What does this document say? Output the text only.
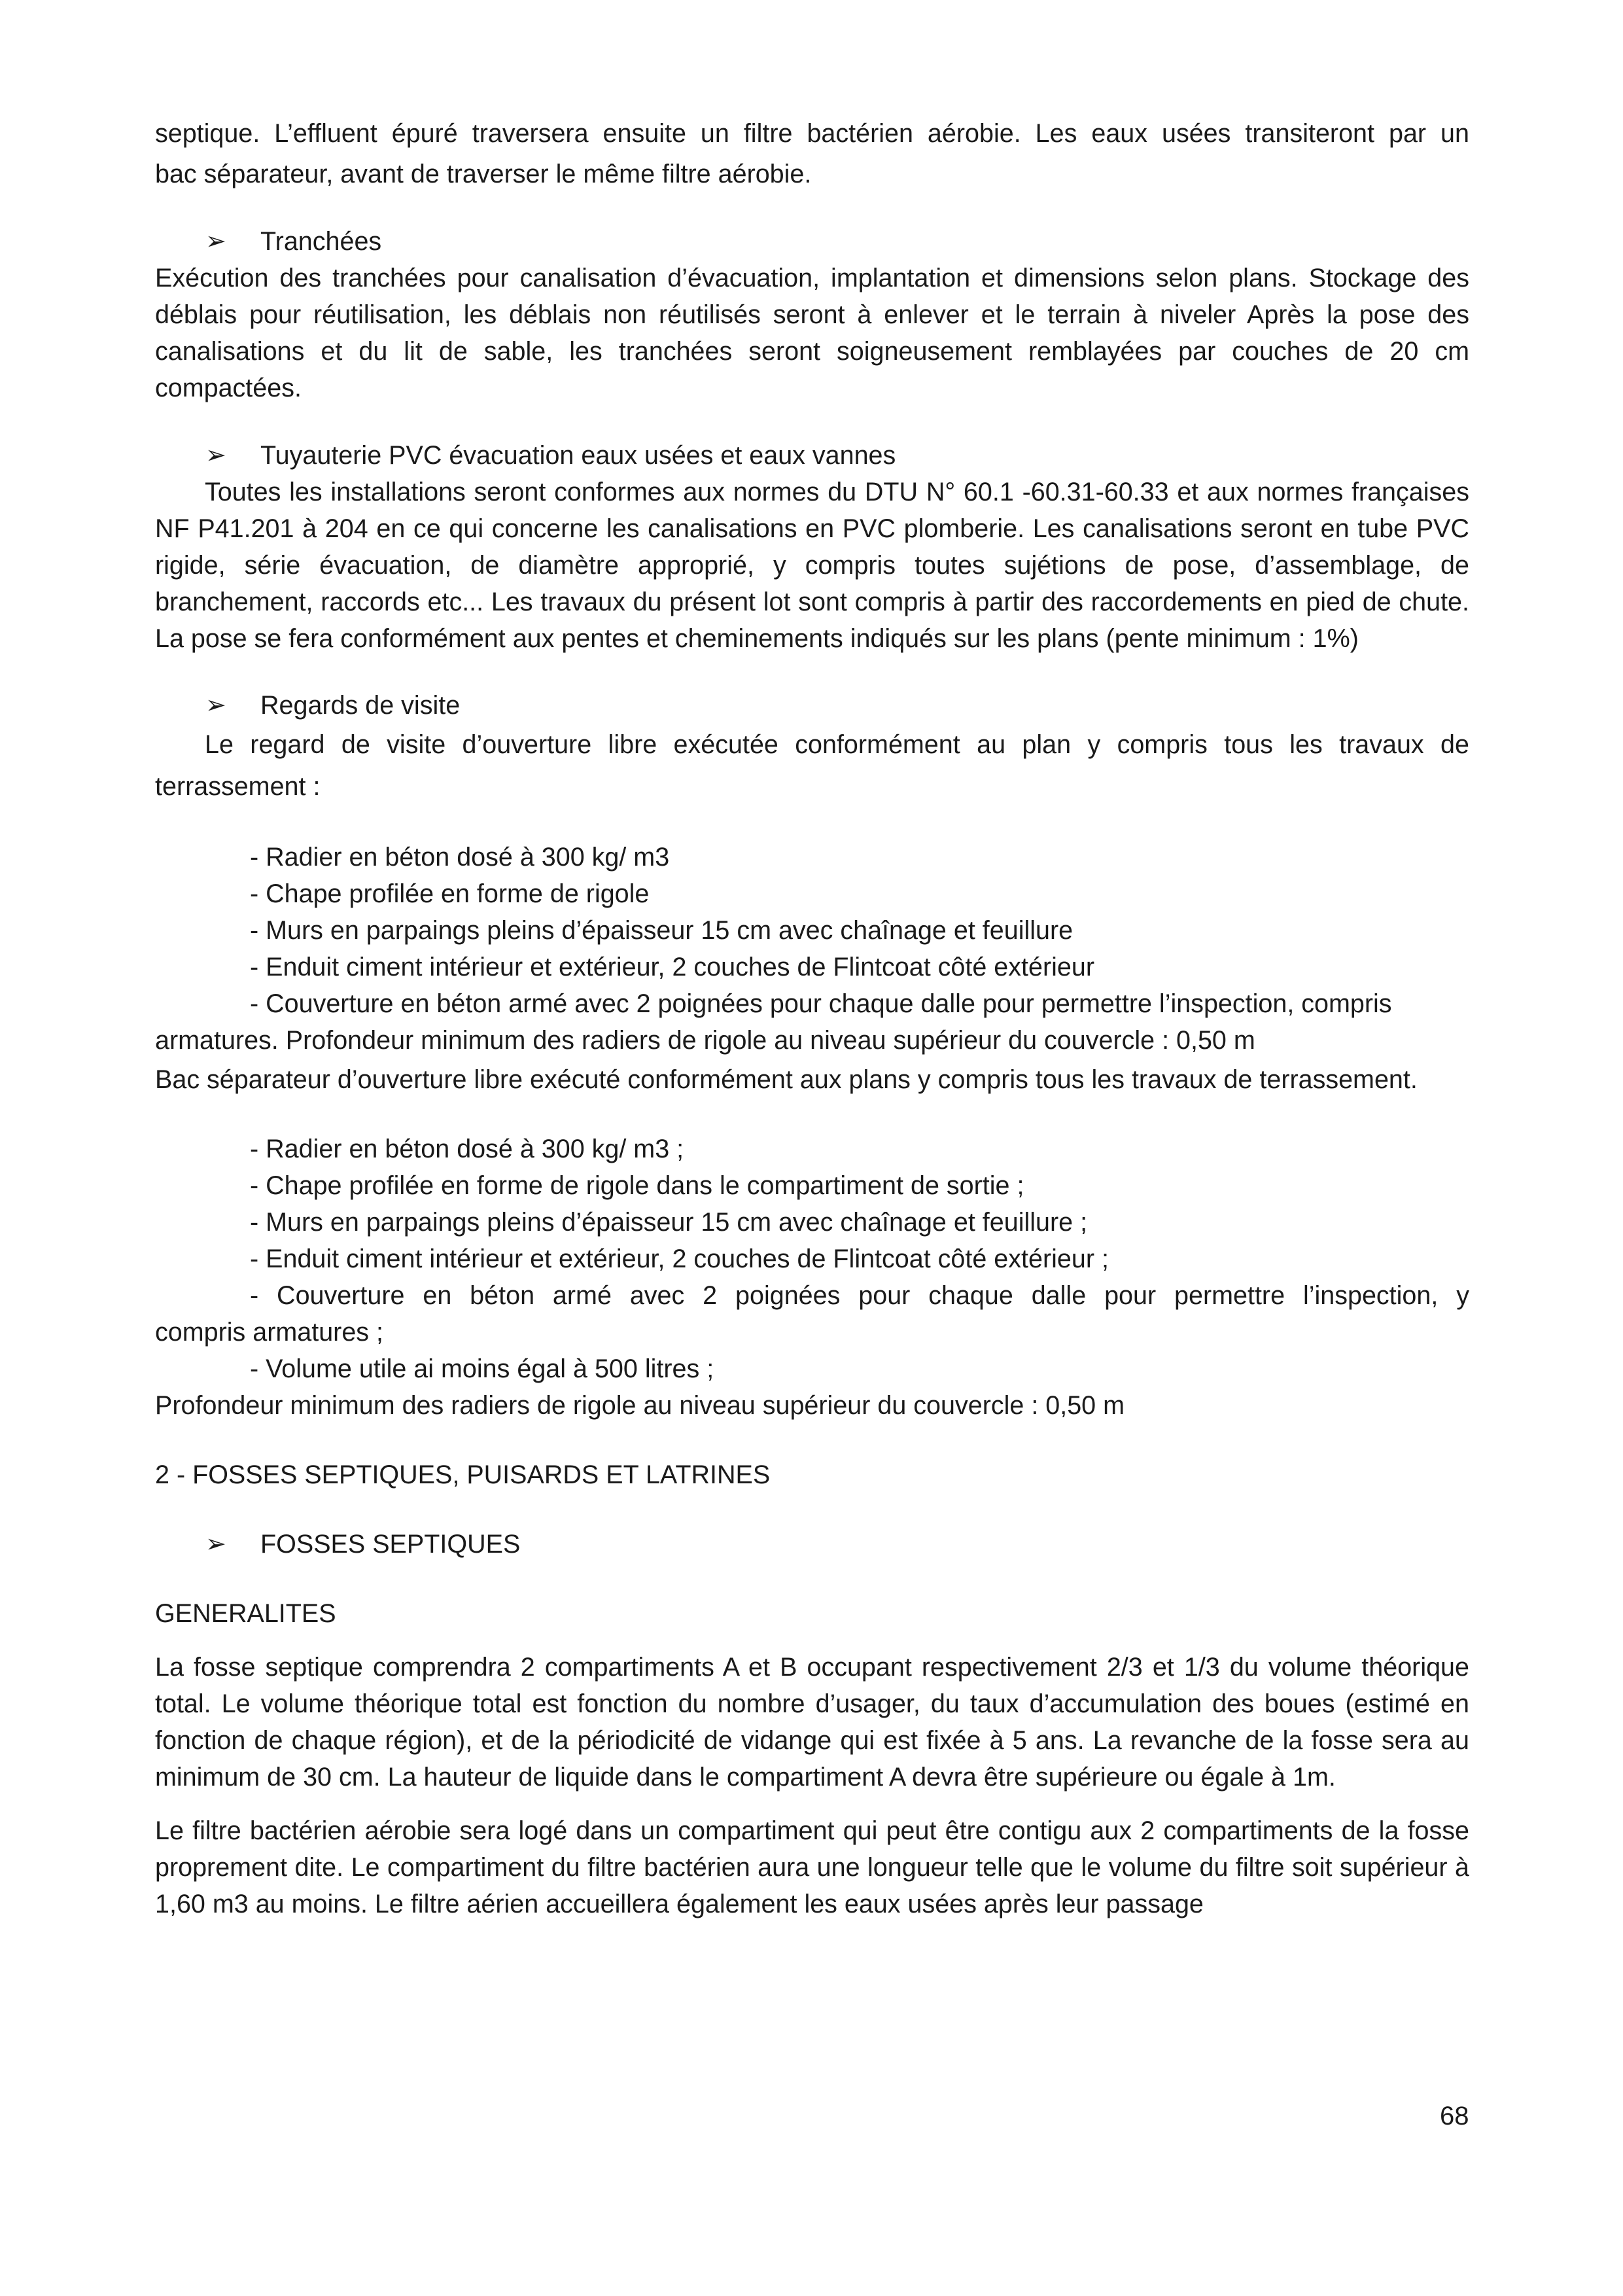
septique. L’effluent épuré traversera ensuite un filtre bactérien aérobie. Les eaux usées transiteront par un

bac séparateur, avant de traverser le même filtre aérobie.

➢ Tranchées

Exécution des tranchées pour canalisation d’évacuation, implantation et dimensions selon plans. Stockage des déblais pour réutilisation, les déblais non réutilisés seront à enlever et le terrain à niveler Après la pose des canalisations et du lit de sable, les tranchées seront soigneusement remblayées par couches de 20 cm compactées.

➢ Tuyauterie PVC évacuation eaux usées et eaux vannes

Toutes les installations seront conformes aux normes du DTU N° 60.1 -60.31-60.33 et aux normes françaises NF P41.201 à 204 en ce qui concerne les canalisations en PVC plomberie. Les canalisations seront en tube PVC rigide, série évacuation, de diamètre approprié, y compris toutes sujétions de pose, d’assemblage, de branchement, raccords etc... Les travaux du présent lot sont compris à partir des raccordements en pied de chute. La pose se fera conformément aux pentes et cheminements indiqués sur les plans (pente minimum : 1%)

➢ Regards de visite

Le regard de visite d’ouverture libre exécutée conformément au plan y compris tous les travaux de terrassement :

- Radier en béton dosé à 300 kg/ m3

- Chape profilée en forme de rigole

- Murs en parpaings pleins d’épaisseur 15 cm avec chaînage et feuillure

- Enduit ciment intérieur et extérieur, 2 couches de Flintcoat côté extérieur

- Couverture en béton armé avec 2 poignées pour chaque dalle pour permettre l’inspection, compris

armatures. Profondeur minimum des radiers de rigole au niveau supérieur du couvercle : 0,50 m

Bac séparateur d’ouverture libre exécuté conformément aux plans y compris tous les travaux de terrassement.

- Radier en béton dosé à 300 kg/ m3 ;

- Chape profilée en forme de rigole dans le compartiment de sortie ;

- Murs en parpaings pleins d’épaisseur 15 cm avec chaînage et feuillure ;

- Enduit ciment intérieur et extérieur, 2 couches de Flintcoat côté extérieur ;

- Couverture en béton armé avec 2 poignées pour chaque dalle pour permettre l’inspection, y

compris armatures ;

- Volume utile ai moins égal à 500 litres ;

Profondeur minimum des radiers de rigole au niveau supérieur du couvercle : 0,50 m

2 - FOSSES SEPTIQUES, PUISARDS ET LATRINES

➢ FOSSES SEPTIQUES

GENERALITES

La fosse septique comprendra 2 compartiments A et B occupant respectivement 2/3 et 1/3 du volume théorique total. Le volume théorique total est fonction du nombre d’usager, du taux d’accumulation des boues (estimé en fonction de chaque région), et de la périodicité de vidange qui est fixée à 5 ans. La revanche de la fosse sera au minimum de 30 cm. La hauteur de liquide dans le compartiment A devra être supérieure ou égale à 1m.

Le filtre bactérien aérobie sera logé dans un compartiment qui peut être contigu aux 2 compartiments de la fosse proprement dite. Le compartiment du filtre bactérien aura une longueur telle que le volume du filtre soit supérieur à 1,60 m3 au moins. Le filtre aérien accueillera également les eaux usées après leur passage

68
